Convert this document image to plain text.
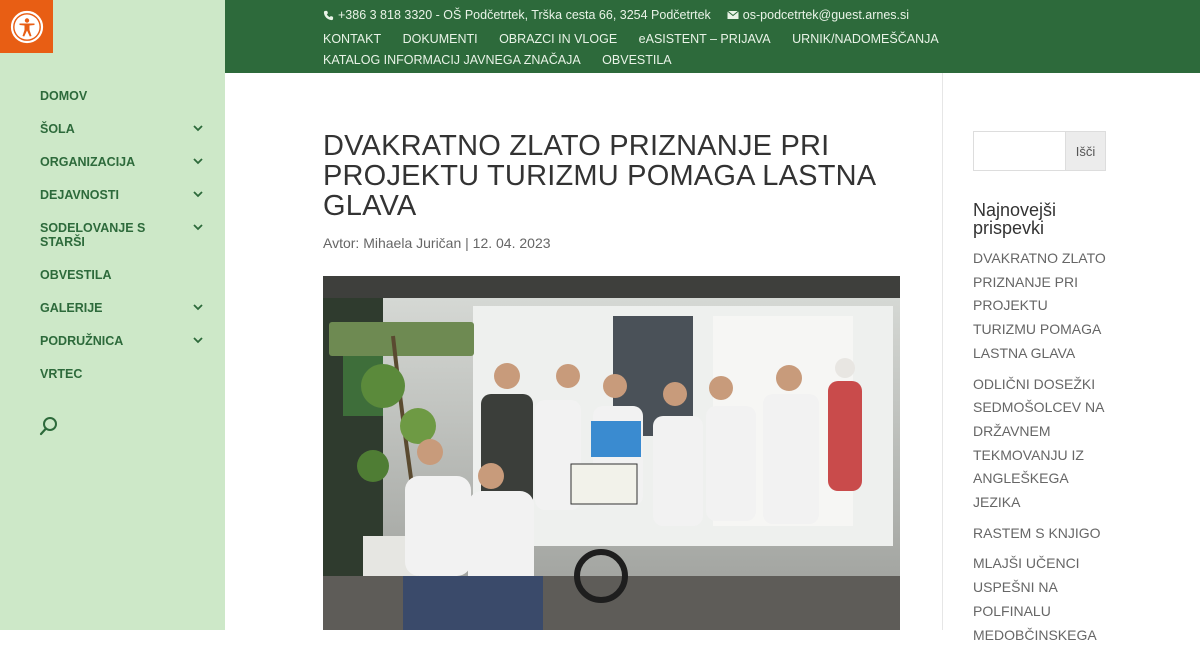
DOMOV
ŠOLA
ORGANIZACIJA
DEJAVNOSTI
SODELOVANJE S STARŠI
OBVESTILA
GALERIJE
PODRUŽNICA
VRTEC
+386 3 818 3320 - OŠ Podčetrtek, Trška cesta 66, 3254 Podčetrtek	os-podcetrtek@guest.arnes.si
KONTAKT DOKUMENTI OBRAZCI IN VLOGE eASISTENT – PRIJAVA URNIK/NADOMEŠČANJA KATALOG INFORMACIJ JAVNEGA ZNAČAJA OBVESTILA
DVAKRATNO ZLATO PRIZNANJE PRI PROJEKTU TURIZMU POMAGA LASTNA GLAVA
Avtor: Mihaela Juričan | 12. 04. 2023
Išči
Najnovejši prispevki
DVAKRATNO ZLATO PRIZNANJE PRI PROJEKTU TURIZMU POMAGA LASTNA GLAVA
ODLIČNI DOSEŽKI SEDMOŠOLCEV NA DRŽAVNEM TEKMOVANJU IZ ANGLEŠKEGA JEZIKA
RASTEM S KNJIGO
MLAJŠI UČENCI USPEŠNI NA POLFINALU MEDOBČINSKEGA
